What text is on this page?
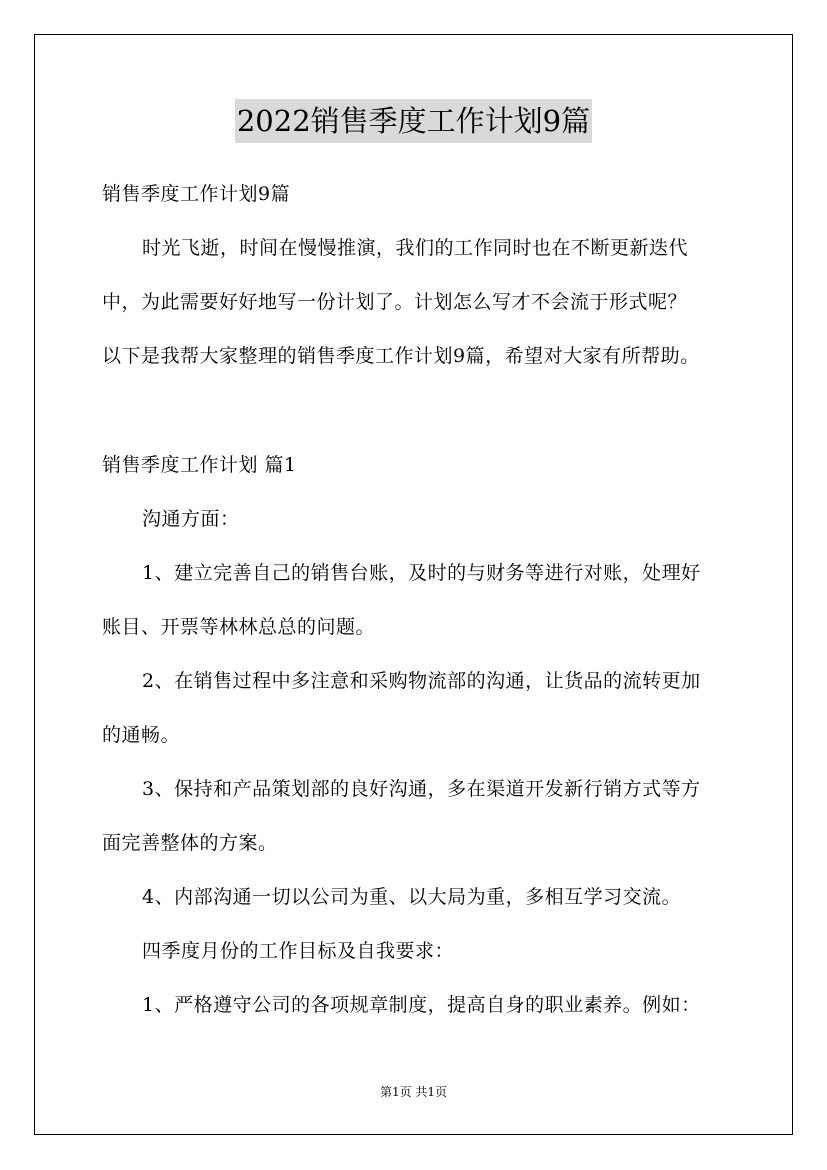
2022销售季度工作计划9篇
销售季度工作计划9篇
时光飞逝，时间在慢慢推演，我们的工作同时也在不断更新迭代
中，为此需要好好地写一份计划了。计划怎么写才不会流于形式呢？
以下是我帮大家整理的销售季度工作计划9篇，希望对大家有所帮助。
销售季度工作计划 篇1
沟通方面：
1、建立完善自己的销售台账，及时的与财务等进行对账，处理好
账目、开票等林林总总的问题。
2、在销售过程中多注意和采购物流部的沟通，让货品的流转更加
的通畅。
3、保持和产品策划部的良好沟通，多在渠道开发新行销方式等方
面完善整体的方案。
4、内部沟通一切以公司为重、以大局为重，多相互学习交流。
四季度月份的工作目标及自我要求：
1、严格遵守公司的各项规章制度，提高自身的职业素养。例如：
第1页 共1页
